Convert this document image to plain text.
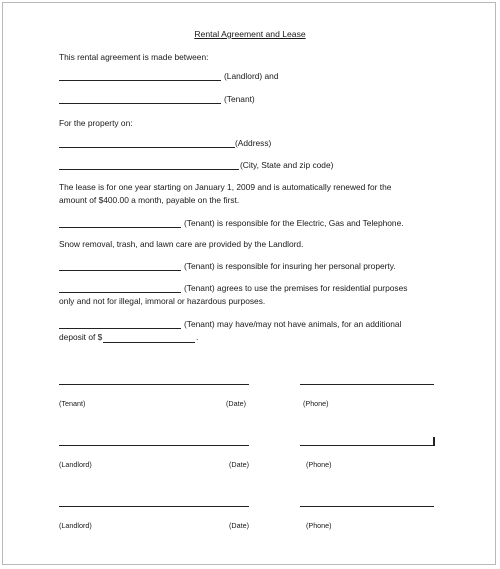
Rental Agreement and Lease
This rental agreement is made between:
(Landlord) and
(Tenant)
For the property on:
(Address)
(City, State and zip code)
The lease is for one year starting on January 1, 2009 and is automatically renewed for the
amount of $400.00 a month, payable on the first.
(Tenant) is responsible for the Electric, Gas and Telephone.
Snow removal, trash, and lawn care are provided by the Landlord.
(Tenant) is responsible for insuring her personal property.
(Tenant) agrees to use the premises for residential purposes
only and not for illegal, immoral or hazardous purposes.
(Tenant) may have/may not have animals, for an additional
deposit of $	.
(Tenant)	(Date)	(Phone)
(Landlord)	(Date)	(Phone)
(Landlord)	(Date)	(Phone)
